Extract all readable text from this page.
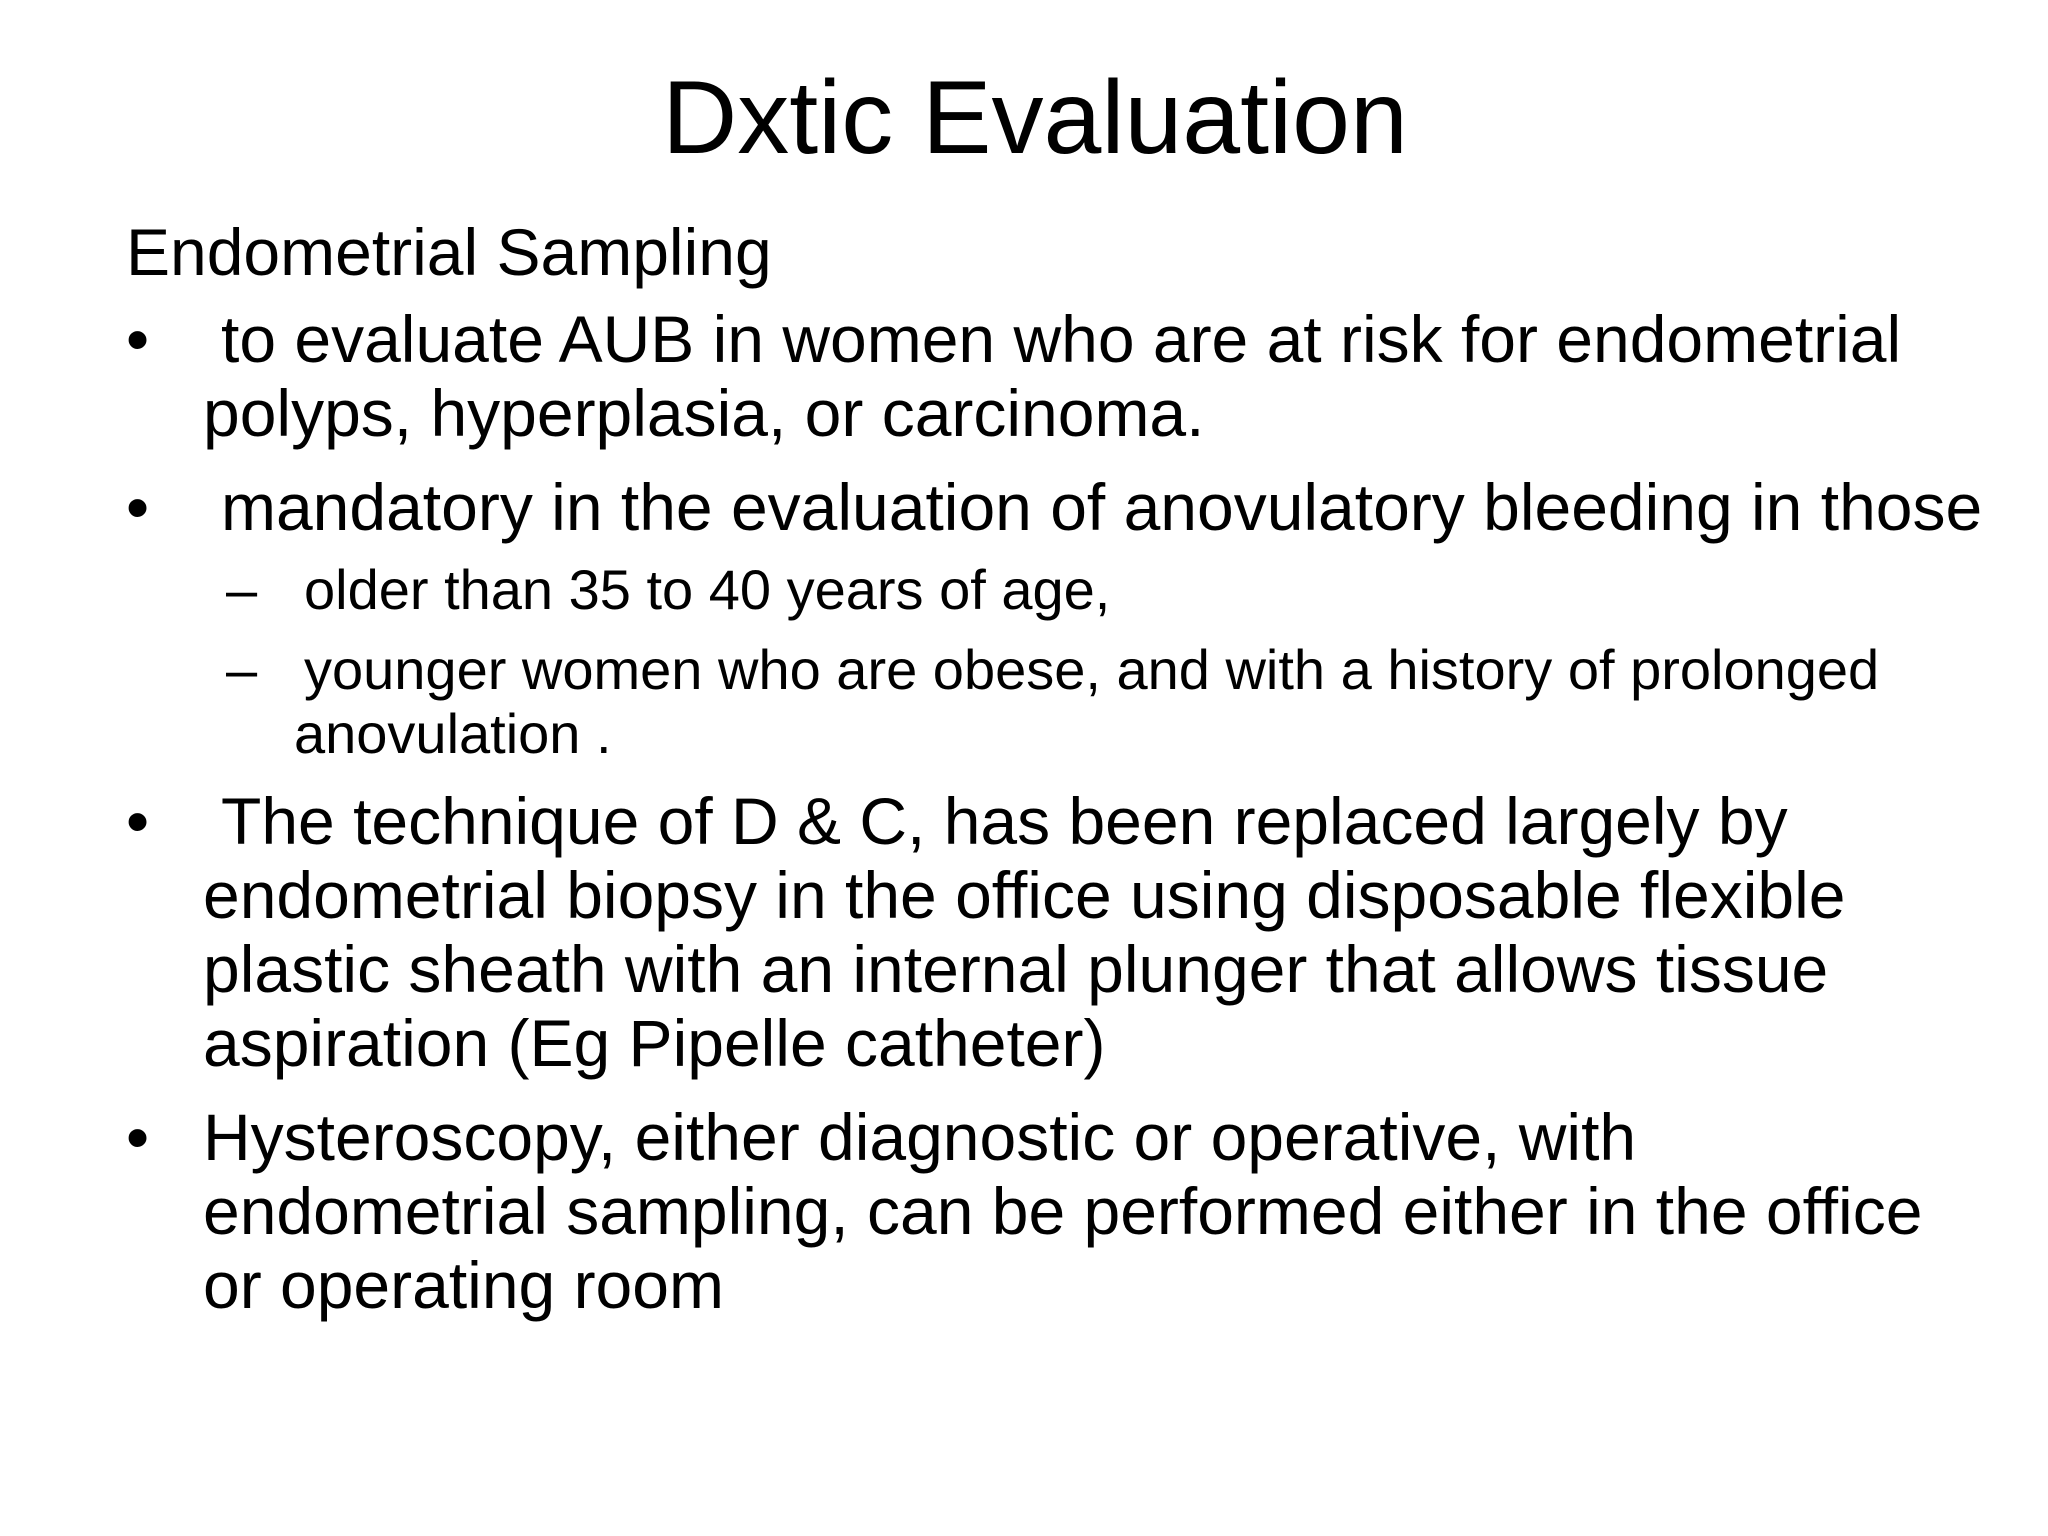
Dxtic Evaluation
Endometrial Sampling
•	to evaluate AUB in women who are at risk for endometrial polyps, hyperplasia, or carcinoma.
•	mandatory in the evaluation of anovulatory bleeding in those
– older than 35 to 40 years of age,
– younger women who are obese, and with a history of prolonged anovulation .
•	The technique of D & C, has been replaced largely by endometrial biopsy in the office using disposable flexible plastic sheath with an internal plunger that allows tissue aspiration (Eg Pipelle catheter)
• Hysteroscopy, either diagnostic or operative, with endometrial sampling, can be performed either in the office or operating room
